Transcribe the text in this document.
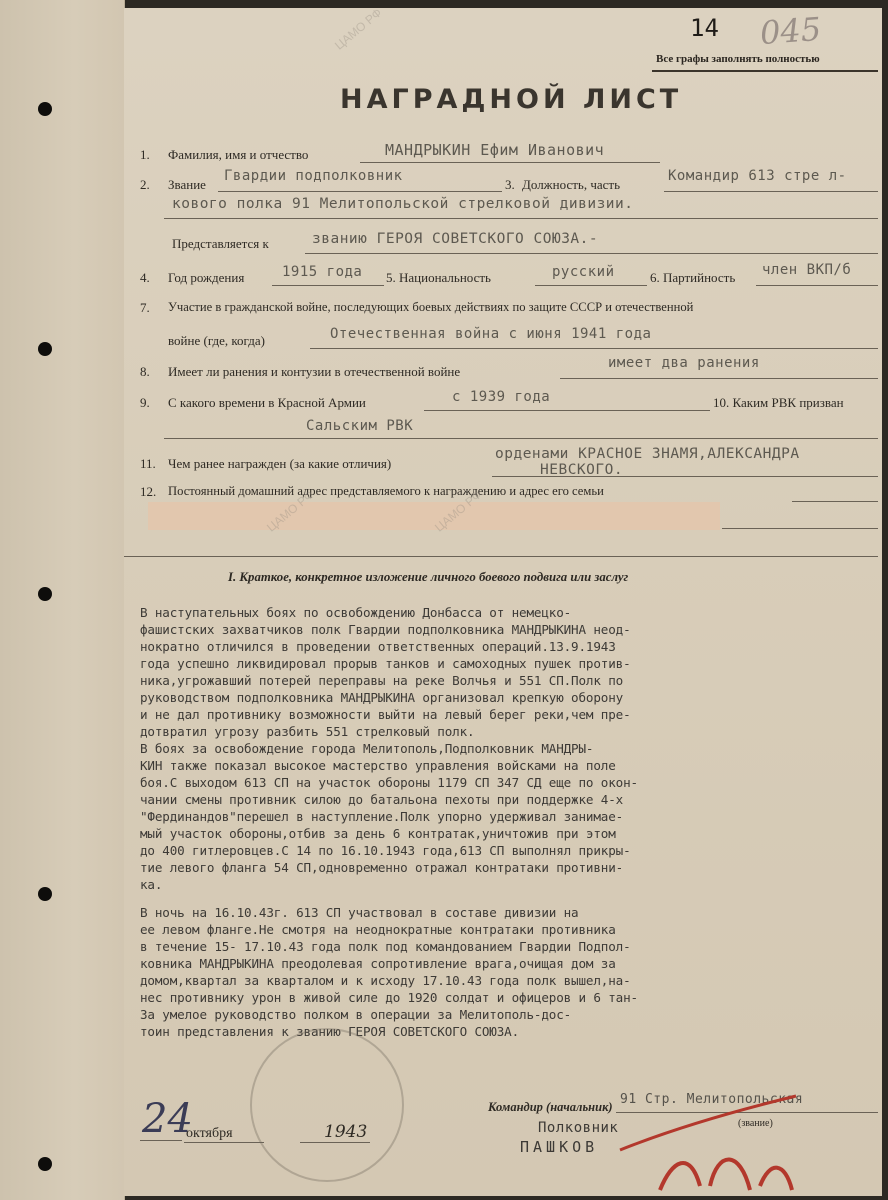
14 045
Все графы заполнять полностью
НАГРАДНОЙ ЛИСТ
1. Фамилия, имя и отчество	МАНДРЫКИН Ефим Иванович
2. Звание
Гвардии подполковник
3. Должность, часть
Командир 613 стре л-
кового полка 91 Мелитопольской стрелковой дивизии.
Представляется к	званию ГЕРОЯ СОВЕТСКОГО СОЮЗА.-
4. Год рождения	1915 года 5. Национальность	русский	6. Партийность член ВКП/б
7. Участие в гражданской войне, последующих боевых действиях по защите СССР и отечественной
войне (где, когда)	Отечественная война с июня 1941 года
8. Имеет ли ранения и контузии в отечественной войне
имеет два ранения
9. С какого времени в Красной Армии	с 1939 года	10. Каким РВК призван
Сальским РВК
11. Чем ранее награжден (за какие отличия)
орденами КРАСНОЕ ЗНАМЯ,АЛЕКСАНДРА
НЕВСКОГО.
12. Постоянный домашний адрес представляемого к награждению и адрес его семьи
I. Краткое, конкретное изложение личного боевого подвига или заслуг
В наступательных боях по освобождению Донбасса от немецко-
фашистских захватчиков полк Гвардии подполковника МАНДРЫКИНА неод-
нократно отличился в проведении ответственных операций.13.9.1943
года успешно ликвидировал прорыв танков и самоходных пушек против-
ника,угрожавший потерей переправы на реке Волчья и 551 СП.Полк по
руководством подполковника МАНДРЫКИНА организовал крепкую оборону
и не дал противнику возможности выйти на левый берег реки,чем пре-
дотвратил угрозу разбить 551 стрелковый полк.
В боях за освобождение города Мелитополь,Подполковник МАНДРЫ-
КИН также показал высокое мастерство управления войсками на поле
боя.С выходом 613 СП на участок обороны 1179 СП 347 СД еще по окон-
чании смены противник силою до батальона пехоты при поддержке 4-х
"Фердинандов"перешел в наступление.Полк упорно удерживал занимае-
мый участок обороны,отбив за день 6 контратак,уничтожив при этом
до 400 гитлеровцев.С 14 по 16.10.1943 года,613 СП выполнял прикры-
тие левого фланга 54 СП,одновременно отражал контратаки противни-
ка.
В ночь на 16.10.43г. 613 СП участвовал в составе дивизии на
ее левом фланге.Не смотря на неоднократные контратаки противника
в течение 15- 17.10.43 года полк под командованием Гвардии Подпол-
ковника МАНДРЫКИНА преодолевая сопротивление врага,очищая дом за
домом,квартал за кварталом и к исходу 17.10.43 года полк вышел,на-
нес противнику урон в живой силе до 1920 солдат и офицеров и 6 тан-
За умелое руководство полком в операции за Мелитополь-дос-
тоин представления к званию ГЕРОЯ СОВЕТСКОГО СОЮЗА.
Командир (начальник) 91 Стр. Мелитопольская
(звание)
24
октября	1943	Полковник
ПАШКОВ
ЦАМО РФ	ЦАМО РФ
ЦАМО РФ
